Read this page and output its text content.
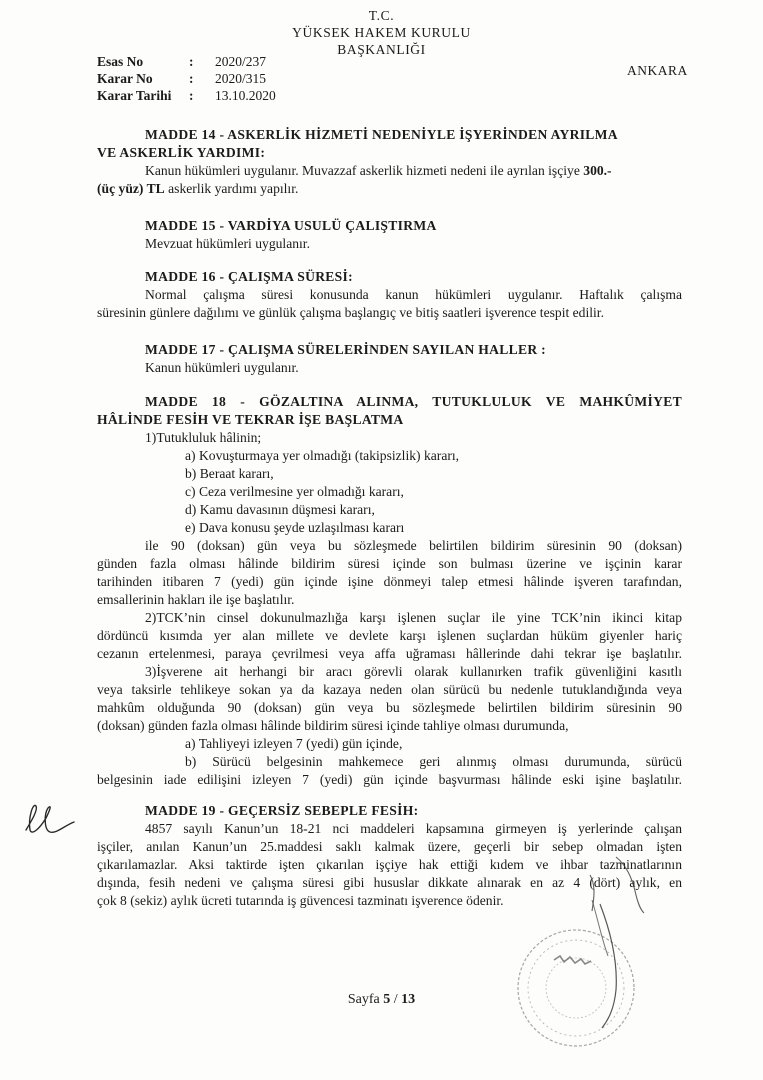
T.C.
YÜKSEK HAKEM KURULU
BAŞKANLIĞI
Esas No	:	2020/237
Karar No	:	2020/315
Karar Tarihi	:	13.10.2020
ANKARA
MADDE 14 - ASKERLİK HİZMETİ NEDENİYLE İŞYERİNDEN AYRILMA
VE ASKERLİK YARDIMI:
Kanun hükümleri uygulanır. Muvazzaf askerlik hizmeti nedeni ile ayrılan işçiye 300.-
(üç yüz) TL askerlik yardımı yapılır.
MADDE 15 - VARDİYA USULÜ ÇALIŞTIRMA
Mevzuat hükümleri uygulanır.
MADDE 16 - ÇALIŞMA SÜRESİ:
Normal çalışma süresi konusunda kanun hükümleri uygulanır. Haftalık çalışma
süresinin günlere dağılımı ve günlük çalışma başlangıç ve bitiş saatleri işverence tespit edilir.
MADDE 17 - ÇALIŞMA SÜRELERİNDEN SAYILAN HALLER :
Kanun hükümleri uygulanır.
MADDE 18 - GÖZALTINA ALINMA, TUTUKLULUK VE MAHKÛMİYET
HÂLİNDE FESİH VE TEKRAR İŞE BAŞLATMA
1)Tutukluluk hâlinin;
a) Kovuşturmaya yer olmadığı (takipsizlik) kararı,
b) Beraat kararı,
c) Ceza verilmesine yer olmadığı kararı,
d) Kamu davasının düşmesi kararı,
e) Dava konusu şeyde uzlaşılması kararı
ile 90 (doksan) gün veya bu sözleşmede belirtilen bildirim süresinin 90 (doksan)
günden fazla olması hâlinde bildirim süresi içinde son bulması üzerine ve işçinin karar
tarihinden itibaren 7 (yedi) gün içinde işine dönmeyi talep etmesi hâlinde işveren tarafından,
emsallerinin hakları ile işe başlatılır.
2)TCK’nin cinsel dokunulmazlığa karşı işlenen suçlar ile yine TCK’nin ikinci kitap
dördüncü kısımda yer alan millete ve devlete karşı işlenen suçlardan hüküm giyenler hariç
cezanın ertelenmesi, paraya çevrilmesi veya affa uğraması hâllerinde dahi tekrar işe başlatılır.
3)İşverene ait herhangi bir aracı görevli olarak kullanırken trafik güvenliğini kasıtlı
veya taksirle tehlikeye sokan ya da kazaya neden olan sürücü bu nedenle tutuklandığında veya
mahkûm olduğunda 90 (doksan) gün veya bu sözleşmede belirtilen bildirim süresinin 90
(doksan) günden fazla olması hâlinde bildirim süresi içinde tahliye olması durumunda,
a) Tahliyeyi izleyen 7 (yedi) gün içinde,
b) Sürücü belgesinin mahkemece geri alınmış olması durumunda, sürücü
belgesinin iade edilişini izleyen 7 (yedi) gün içinde başvurması hâlinde eski işine başlatılır.
MADDE 19 - GEÇERSİZ SEBEPLE FESİH:
4857 sayılı Kanun’un 18-21 nci maddeleri kapsamına girmeyen iş yerlerinde çalışan
işçiler, anılan Kanun’un 25.maddesi saklı kalmak üzere, geçerli bir sebep olmadan işten
çıkarılamazlar. Aksi taktirde işten çıkarılan işçiye hak ettiği kıdem ve ihbar tazminatlarının
dışında, fesih nedeni ve çalışma süresi gibi hususlar dikkate alınarak en az 4 (dört) aylık, en
çok 8 (sekiz) aylık ücreti tutarında iş güvencesi tazminatı işverence ödenir.
Sayfa 5 / 13
